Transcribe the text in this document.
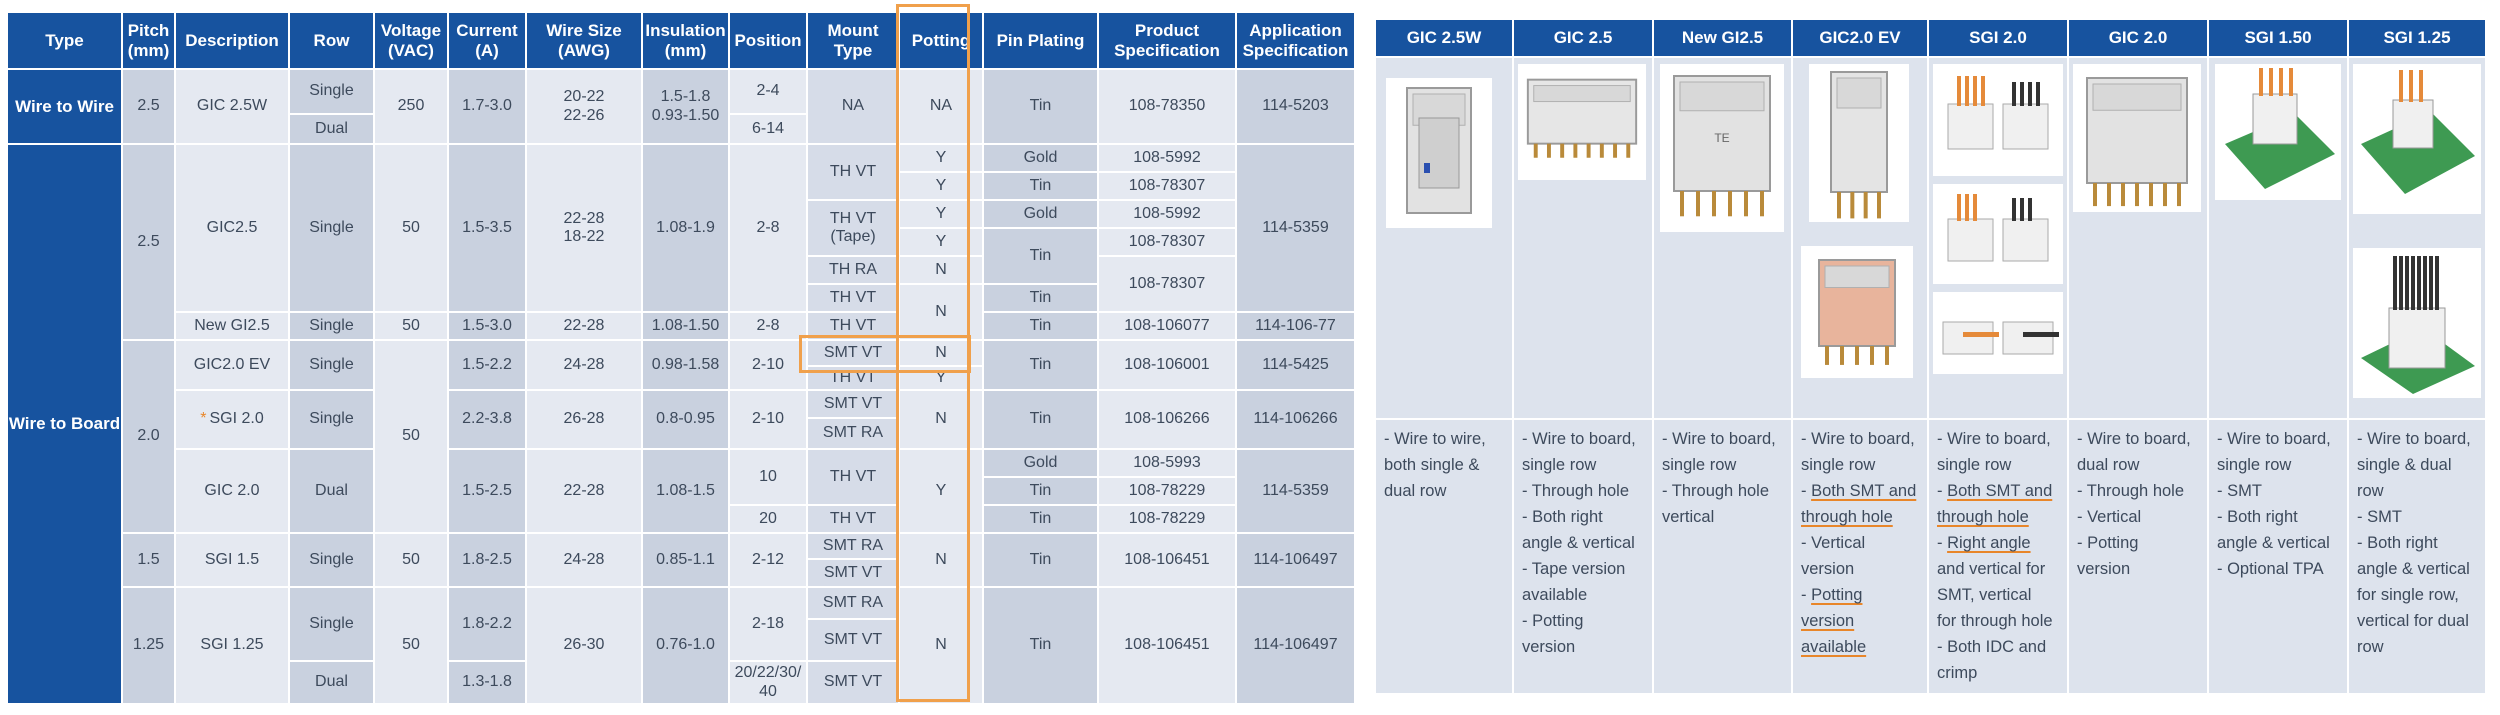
Type
Pitch
(mm)
Description	Row
Voltage
(VAC)
Current
(A)
Wire Size
(AWG)
Insulation
(mm)
Position
Mount Type
Potting	Pin Plating
Product
Specification
Application
Specification
Wire to Wire
Wire to Board
2.5
2.5
2.0
1.5
1.25
GIC 2.5W
GIC2.5
New GI2.5
GIC2.0 EV
* SGI 2.0
GIC 2.0
SGI 1.5
SGI 1.25
Single
Dual
Single
Single
Single
Single
Dual
Single
Single
Dual
250
50
50
50
50
50
1.7-3.0
1.5-3.5
1.5-3.0
1.5-2.2
2.2-3.8
1.5-2.5
1.8-2.5
1.8-2.2
1.3-1.8
20-22
22-26
22-28
18-22
22-28
24-28
26-28
22-28
24-28
26-30
1.5-1.8
0.93-1.50
1.08-1.9
1.08-1.50
0.98-1.58
0.8-0.95
1.08-1.5
0.85-1.1
0.76-1.0
2-4
6-14
2-8
2-8
2-10
2-10
10
20
2-12
2-18
20/22/30/
40
NA
TH VT
TH VT
(Tape)
TH RA
TH VT
TH VT
SMT VT
TH VT
SMT VT
SMT RA
TH VT
TH VT
SMT RA
SMT VT
SMT RA
SMT VT
SMT VT
NA
Y
Y
Y
Y
N
N
N
Y
N
Y
N
N
Tin
Gold
Tin
Gold
Tin
Tin
Tin
Tin
Tin
Gold
Tin
Tin
Tin
Tin
108-78350
108-5992
108-78307
108-5992
108-78307
108-78307
108-106077
108-106001
108-106266
108-5993
108-78229
108-78229
108-106451
108-106451
114-5203
114-5359
114-106-77
114-5425
114-106266
114-5359
114-106497
114-106497
GIC 2.5W
- Wire to wire,
both single &
dual row
GIC 2.5
- Wire to board,
single row
- Through hole
- Both right
angle & vertical
- Tape version
available
- Potting
version
New GI2.5
TE
- Wire to board,
single row
- Through hole
vertical
GIC2.0 EV
- Wire to board,
single row
- Both SMT and
through hole
- Vertical
version
- Potting
version
available
SGI 2.0
- Wire to board,
single row
- Both SMT and
through hole
- Right angle
and vertical for
SMT, vertical
for through hole
- Both IDC and
crimp
GIC 2.0
- Wire to board,
dual row
- Through hole
- Vertical
- Potting
version
SGI 1.50
- Wire to board,
single row
- SMT
- Both right
angle & vertical
- Optional TPA
SGI 1.25
- Wire to board,
single & dual
row
- SMT
- Both right
angle & vertical
for single row,
vertical for dual
row
